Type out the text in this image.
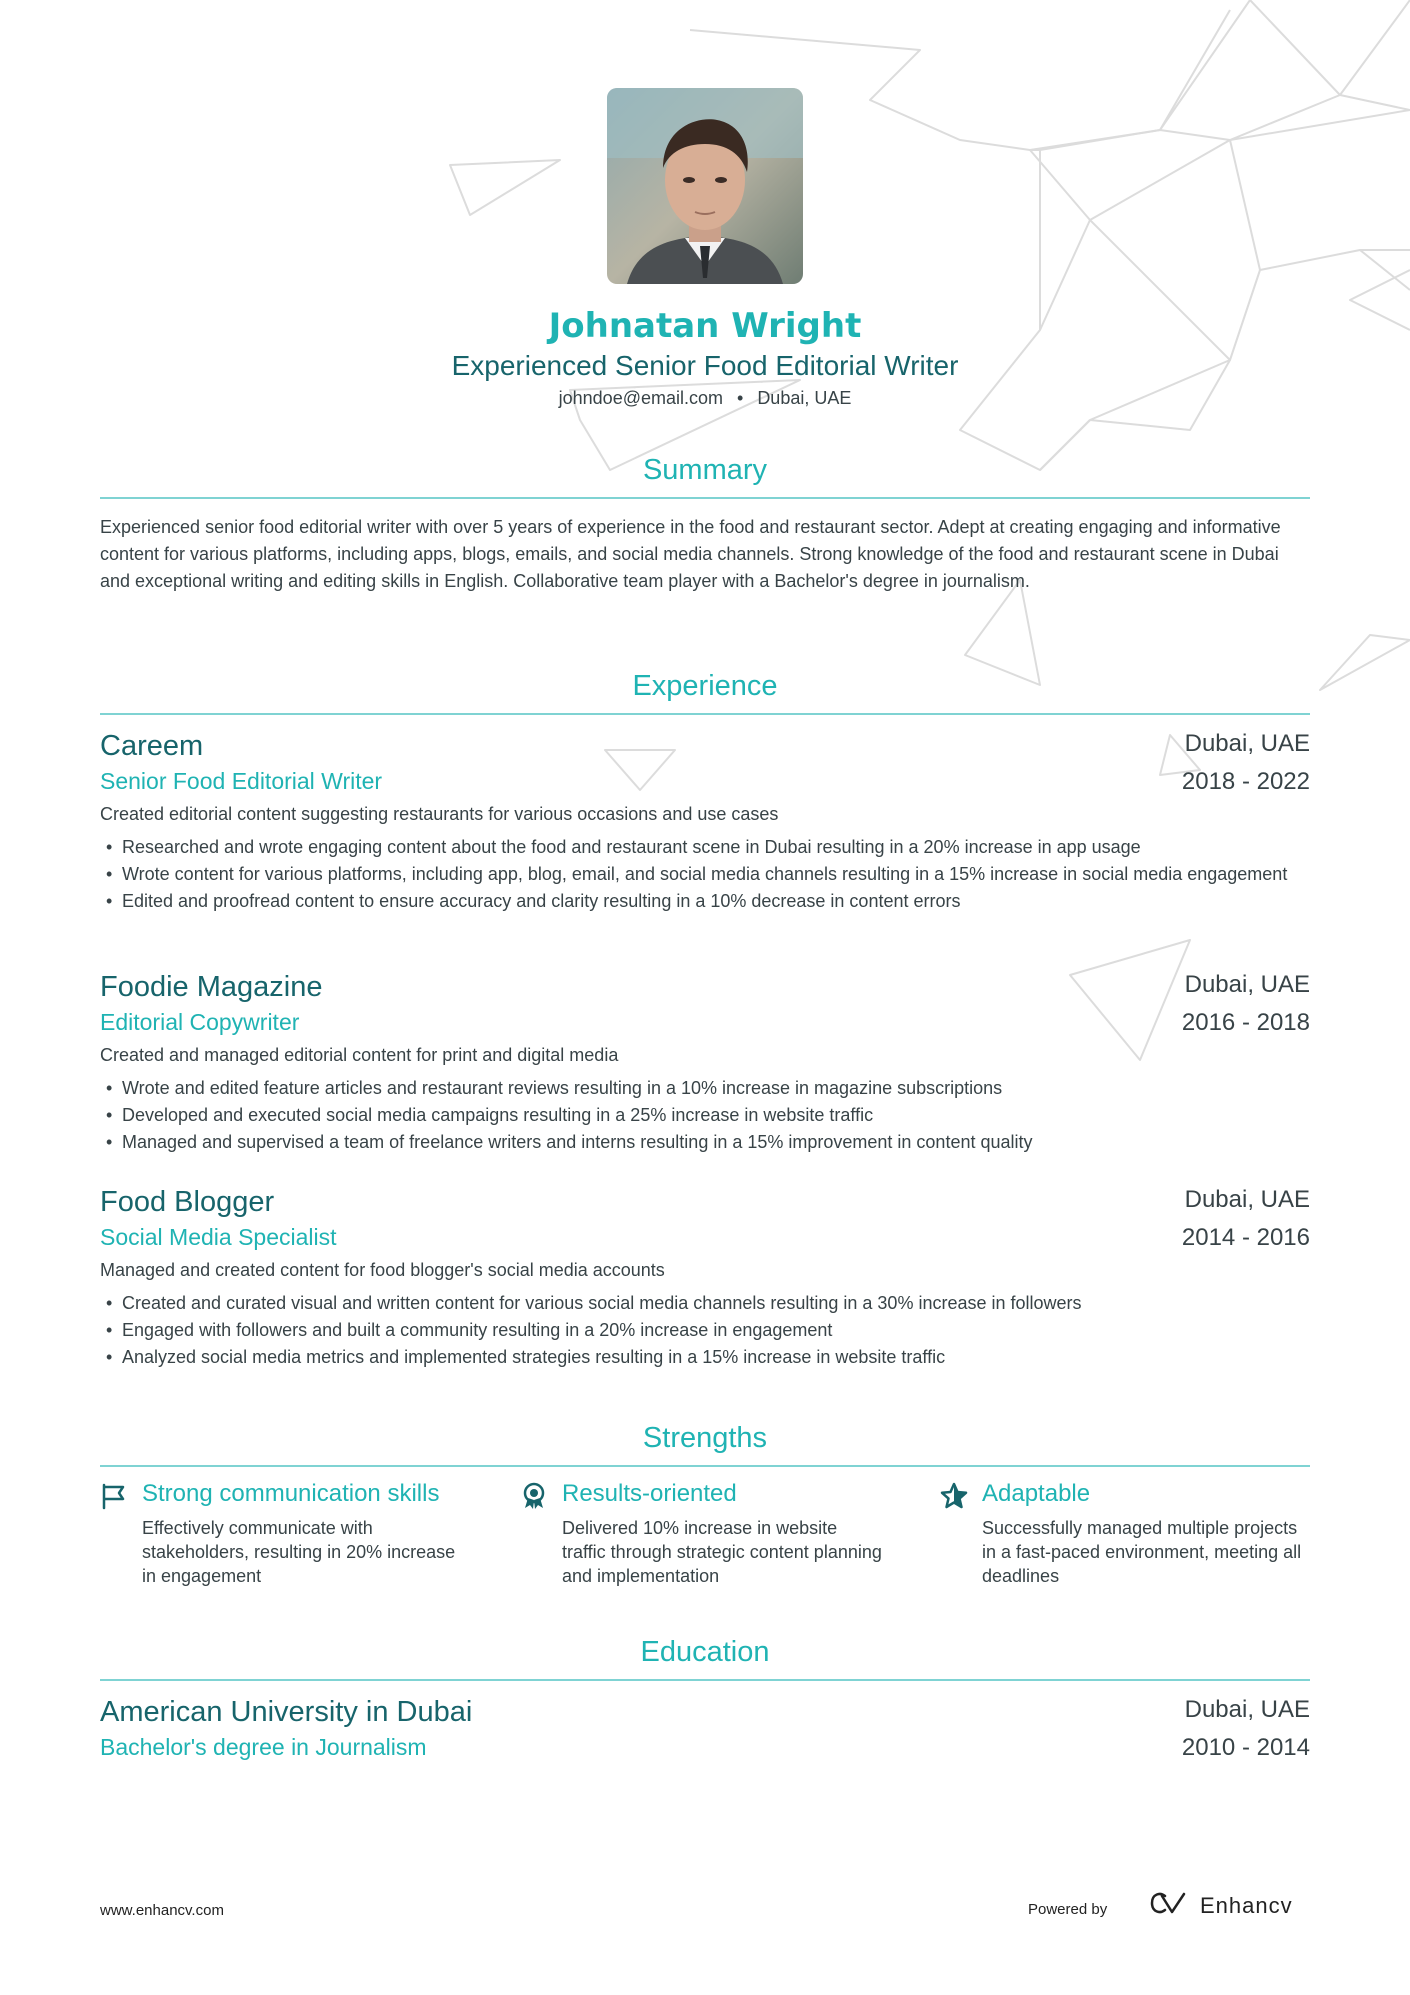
Johnatan Wright
Experienced Senior Food Editorial Writer
johndoe@email.com • Dubai, UAE
Summary
Experienced senior food editorial writer with over 5 years of experience in the food and restaurant sector. Adept at creating engaging and informative content for various platforms, including apps, blogs, emails, and social media channels. Strong knowledge of the food and restaurant scene in Dubai and exceptional writing and editing skills in English. Collaborative team player with a Bachelor's degree in journalism.
Experience
Careem	Dubai, UAE
Senior Food Editorial Writer	2018 - 2022
Created editorial content suggesting restaurants for various occasions and use cases
• Researched and wrote engaging content about the food and restaurant scene in Dubai resulting in a 20% increase in app usage
• Wrote content for various platforms, including app, blog, email, and social media channels resulting in a 15% increase in social media engagement
• Edited and proofread content to ensure accuracy and clarity resulting in a 10% decrease in content errors
Foodie Magazine	Dubai, UAE
Editorial Copywriter	2016 - 2018
Created and managed editorial content for print and digital media
• Wrote and edited feature articles and restaurant reviews resulting in a 10% increase in magazine subscriptions
• Developed and executed social media campaigns resulting in a 25% increase in website traffic
• Managed and supervised a team of freelance writers and interns resulting in a 15% improvement in content quality
Food Blogger	Dubai, UAE
Social Media Specialist	2014 - 2016
Managed and created content for food blogger's social media accounts
• Created and curated visual and written content for various social media channels resulting in a 30% increase in followers
• Engaged with followers and built a community resulting in a 20% increase in engagement
• Analyzed social media metrics and implemented strategies resulting in a 15% increase in website traffic
Strengths
Strong communication skills
Effectively communicate with stakeholders, resulting in 20% increase in engagement
Results-oriented
Delivered 10% increase in website traffic through strategic content planning and implementation
Adaptable
Successfully managed multiple projects in a fast-paced environment, meeting all deadlines
Education
American University in Dubai	Dubai, UAE
Bachelor's degree in Journalism	2010 - 2014
www.enhancv.com	Powered by	Enhancv
